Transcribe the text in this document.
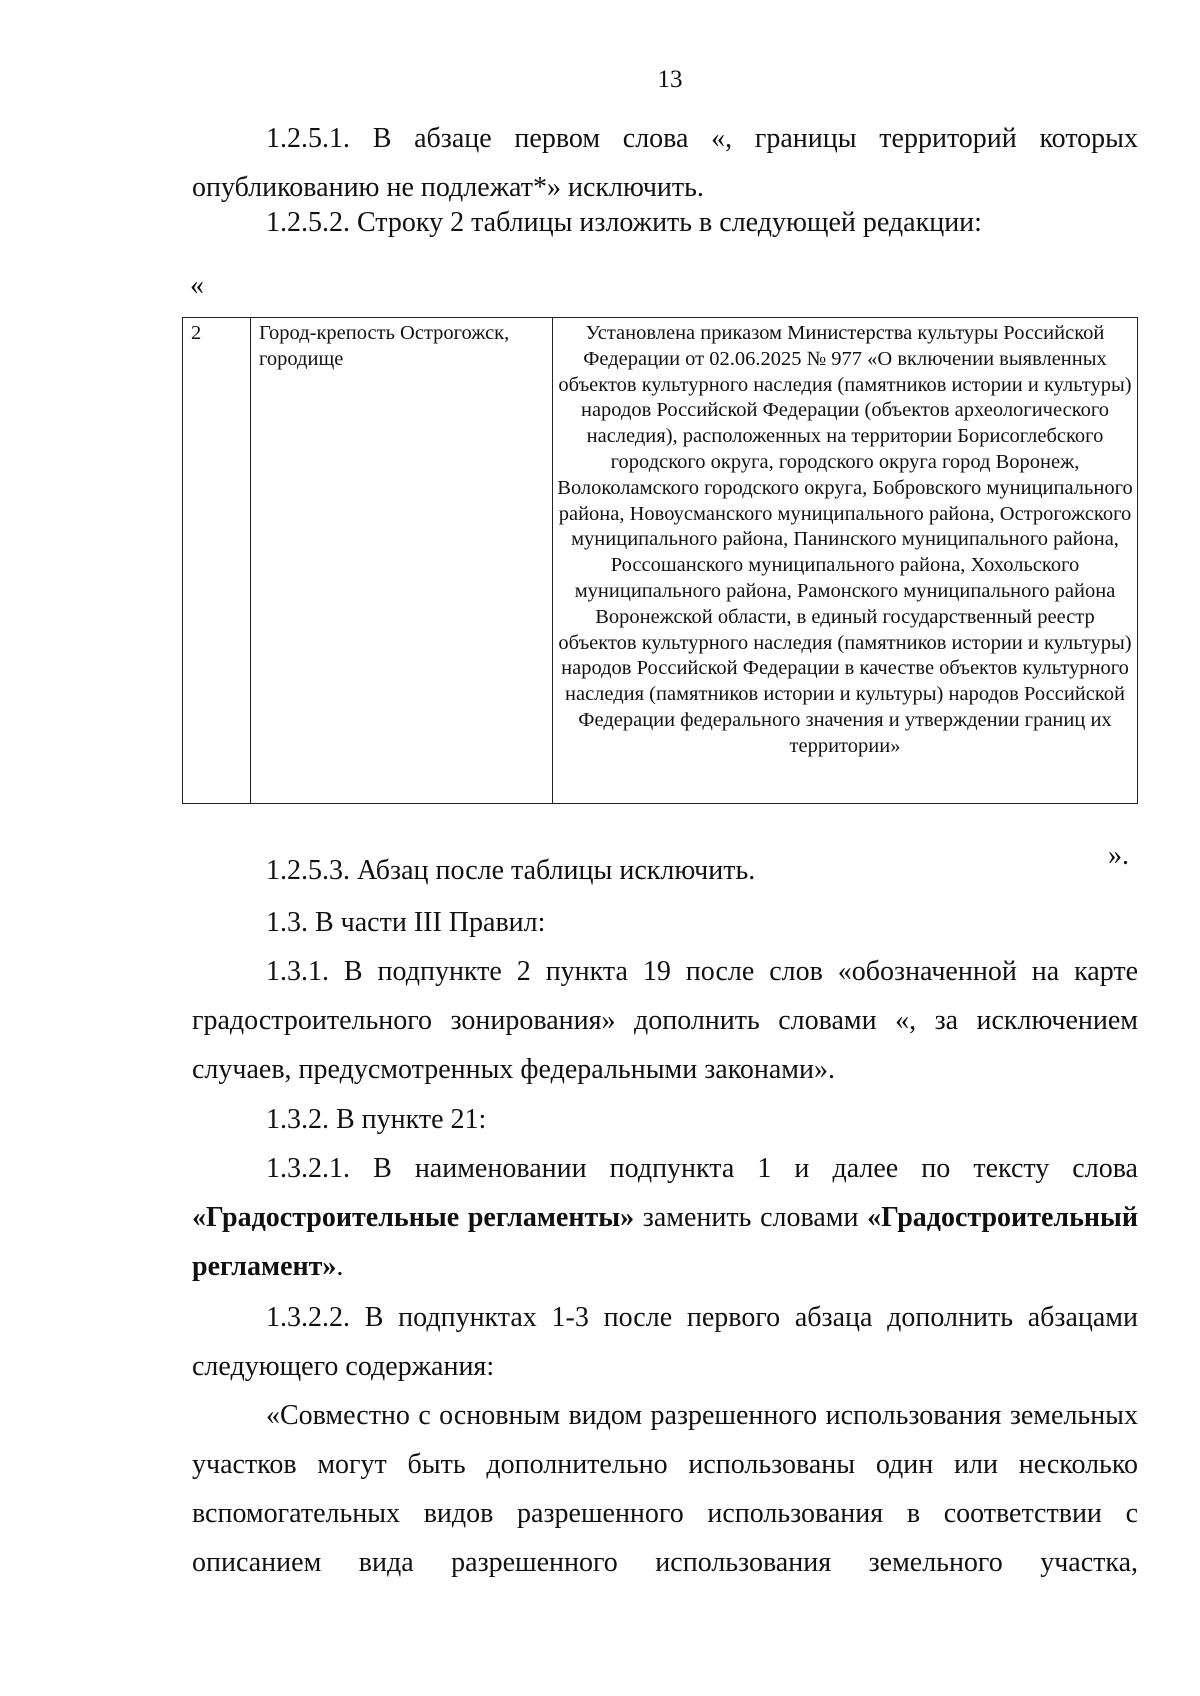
13

1.2.5.1. В абзаце первом слова «, границы территорий которых опубликованию не подлежат*» исключить.

1.2.5.2. Строку 2 таблицы изложить в следующей редакции:

«
2	Город-крепость Острогожск, городище	Установлена приказом Министерства культуры Российской Федерации от 02.06.2025 № 977 «О включении выявленных объектов культурного наследия (памятников истории и культуры) народов Российской Федерации (объектов археологического наследия), расположенных на территории Борисоглебского городского округа, городского округа город Воронеж, Волоколамского городского округа, Бобровского муниципального района, Новоусманского муниципального района, Острогожского муниципального района, Панинского муниципального района, Россошанского муниципального района, Хохольского муниципального района, Рамонского муниципального района Воронежской области, в единый государственный реестр объектов культурного наследия (памятников истории и культуры) народов Российской Федерации в качестве объектов культурного наследия (памятников истории и культуры) народов Российской Федерации федерального значения и утверждении границ их территории»
».

1.2.5.3. Абзац после таблицы исключить.

1.3. В части III Правил:

1.3.1. В подпункте 2 пункта 19 после слов «обозначенной на карте градостроительного зонирования» дополнить словами «, за исключением случаев, предусмотренных федеральными законами».

1.3.2. В пункте 21:

1.3.2.1. В наименовании подпункта 1 и далее по тексту слова «Градостроительные регламенты» заменить словами «Градостроительный регламент».

1.3.2.2. В подпунктах 1-3 после первого абзаца дополнить абзацами следующего содержания:

«Совместно с основным видом разрешенного использования земельных участков могут быть дополнительно использованы один или несколько вспомогательных видов разрешенного использования в соответствии с описанием вида разрешенного использования земельного участка,
